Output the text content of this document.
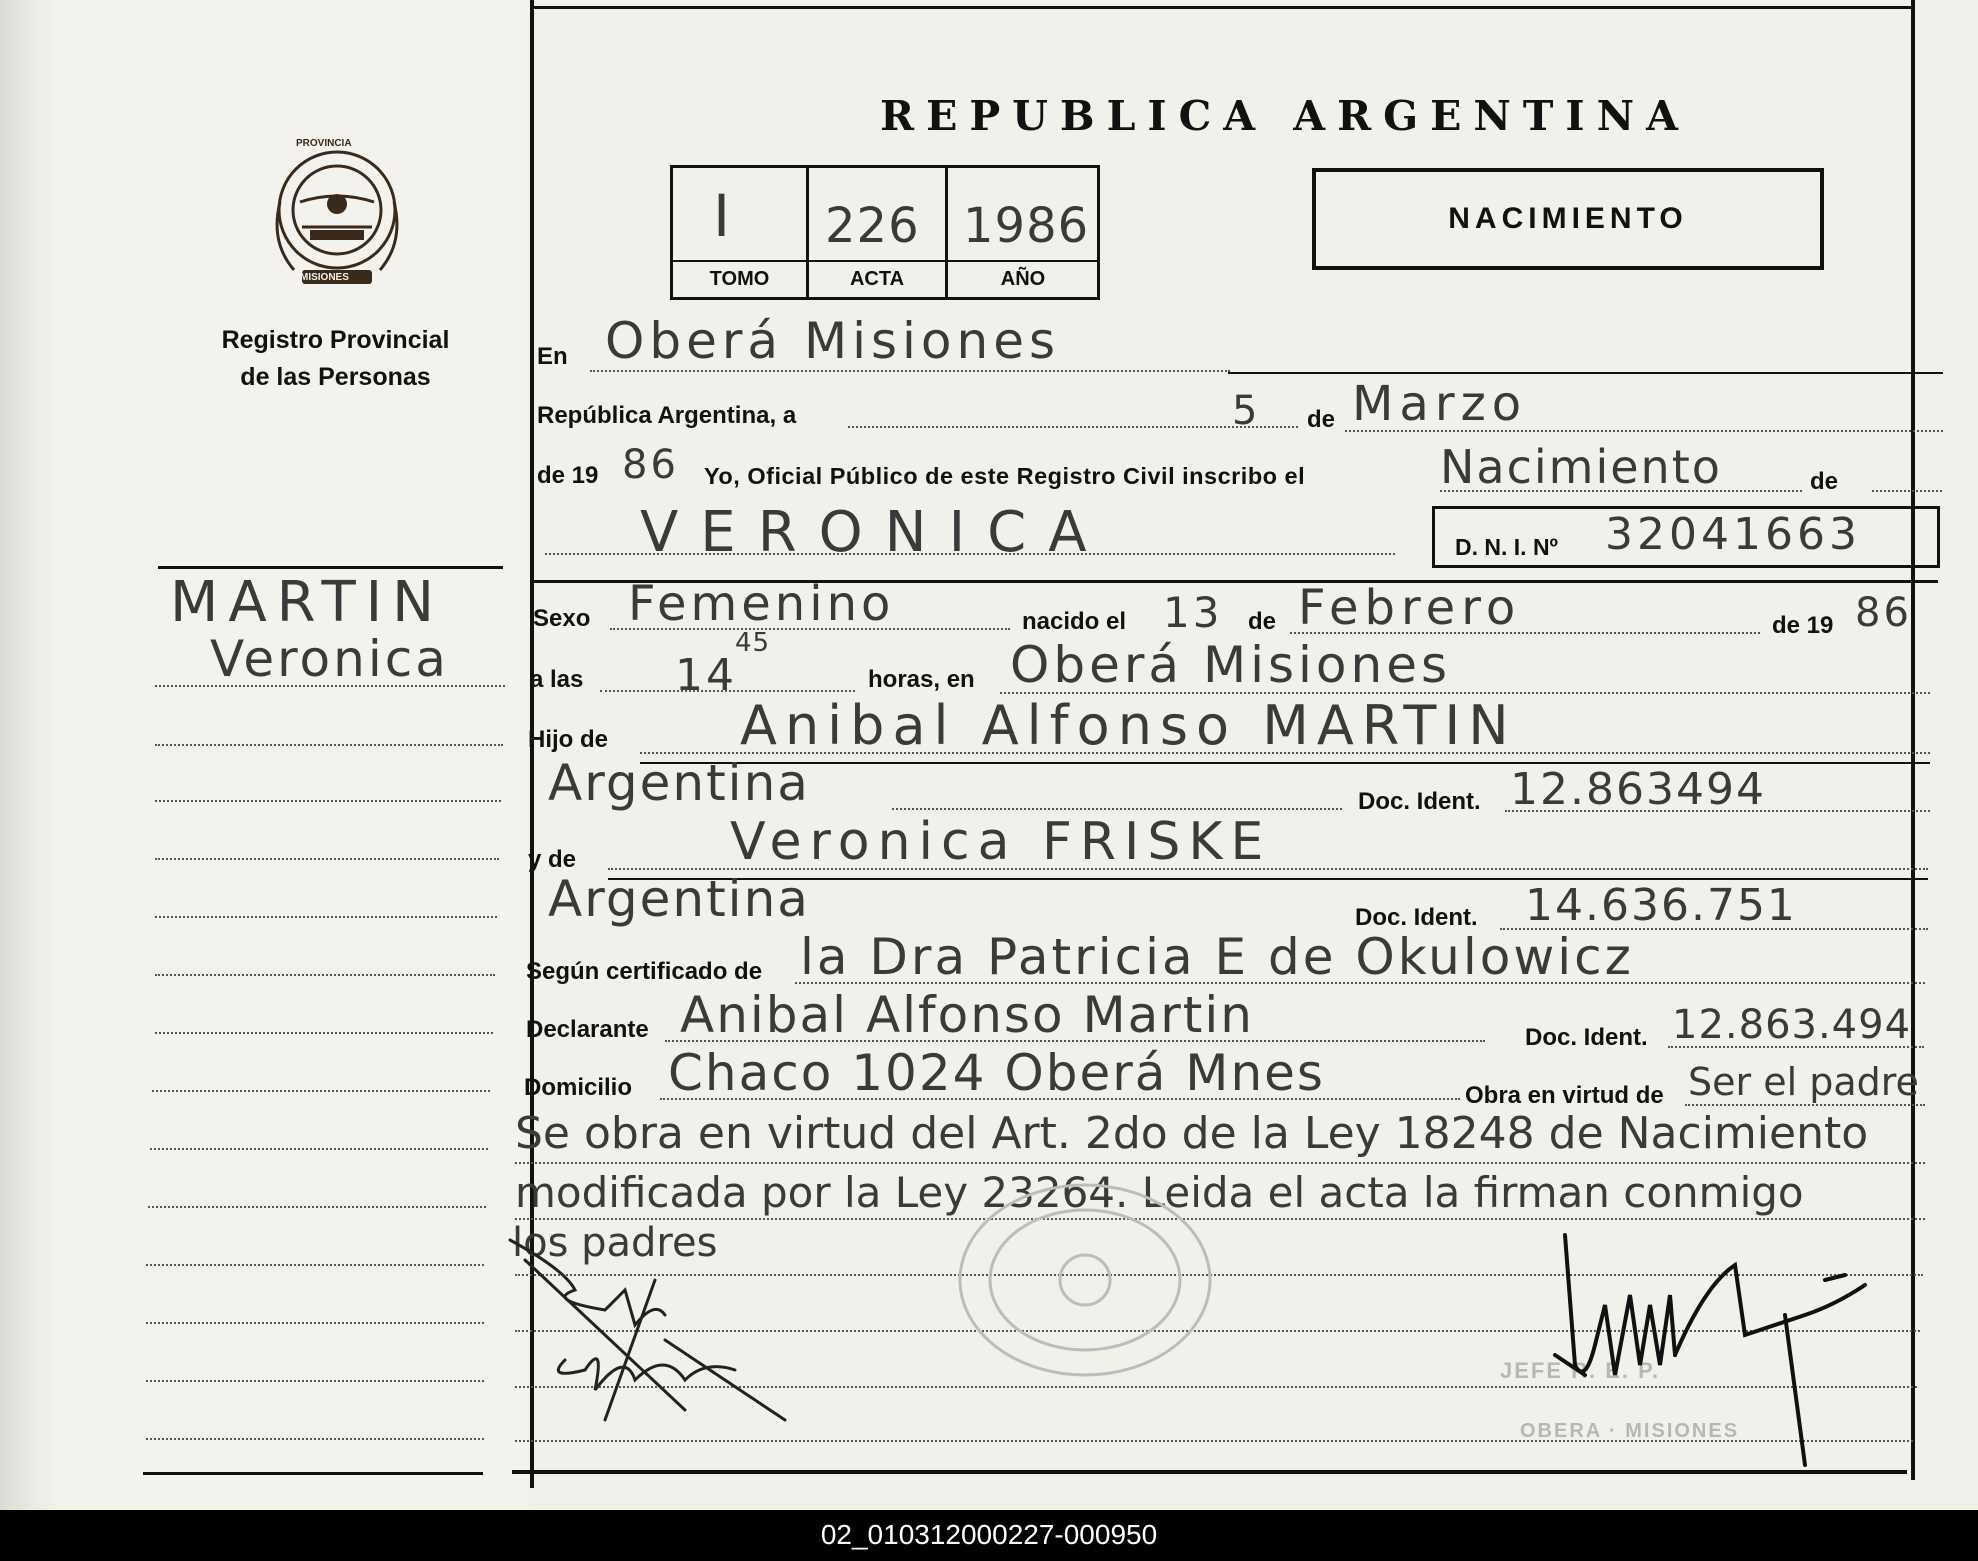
REPUBLICA ARGENTINA
I 226 1986
TOMO	ACTA	AÑO
NACIMIENTO
PROVINCIA
MISIONES
Registro Provincial
de las Personas
MARTIN
Veronica
En Oberá Misiones
República Argentina, a	5 de Marzo
de 19 86 Yo, Oficial Público de este Registro Civil inscribo el	Nacimiento	de
VERONICA	D. N. I. Nº 32041663
Sexo Femenino	nacido el 13 de Febrero	de 19 86
a las 14
45
horas, en Oberá Misiones
Hijo de Anibal Alfonso MARTIN
Argentina	Doc. Ident. 12.863494
y de	Veronica FRISKE
Argentina	Doc. Ident. 14.636.751
Según certificado de la Dra Patricia E de Okulowicz
Declarante Anibal Alfonso Martin	Doc. Ident. 12.863.494
Domicilio Chaco 1024 Oberá Mnes	Obra en virtud de Ser el padre
Se obra en virtud del Art. 2do de la Ley 18248 de Nacimiento
modificada por la Ley 23264. Leida el acta la firman conmigo
los padres
JEFE R. E. P.
OBERA · MISIONES
02_010312000227-000950
